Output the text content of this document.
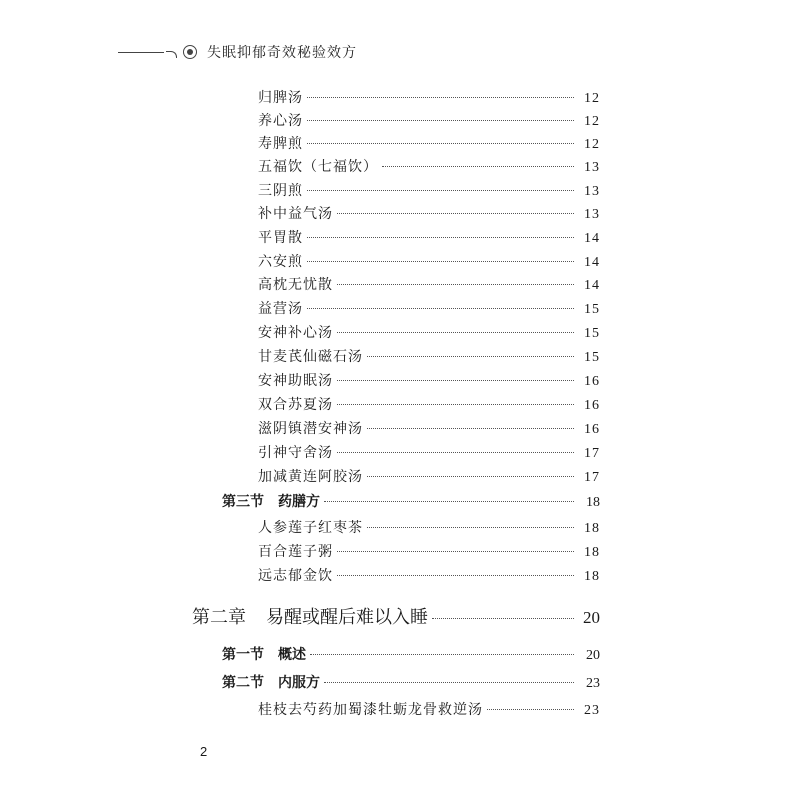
失眠抑郁奇效秘验效方
归脾汤	12
养心汤	12
寿脾煎	12
五福饮（七福饮）	13
三阴煎	13
补中益气汤	13
平胃散	14
六安煎	14
高枕无忧散	14
益营汤	15
安神补心汤	15
甘麦芪仙磁石汤	15
安神助眠汤	16
双合苏夏汤	16
滋阴镇潜安神汤	16
引神守舍汤	17
加减黄连阿胶汤	17
第三节 药膳方	18
人参莲子红枣茶	18
百合莲子粥	18
远志郁金饮	18
第二章 易醒或醒后难以入睡	20
第一节 概述	20
第二节 内服方	23
桂枝去芍药加蜀漆牡蛎龙骨救逆汤	23
2
